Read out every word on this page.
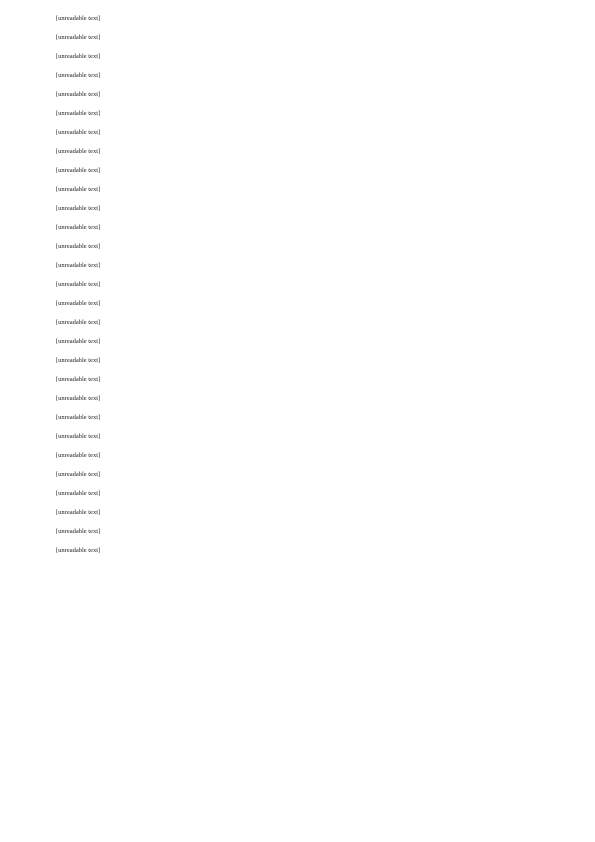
[unreadable text]

[unreadable text]

[unreadable text]

[unreadable text]

[unreadable text]

[unreadable text]

[unreadable text]

[unreadable text]

[unreadable text]

[unreadable text]

[unreadable text]

[unreadable text]

[unreadable text]

[unreadable text]

[unreadable text]

[unreadable text]

[unreadable text]

[unreadable text]

[unreadable text]

[unreadable text]

[unreadable text]

[unreadable text]

[unreadable text]

[unreadable text]

[unreadable text]

[unreadable text]

[unreadable text]

[unreadable text]

[unreadable text]
